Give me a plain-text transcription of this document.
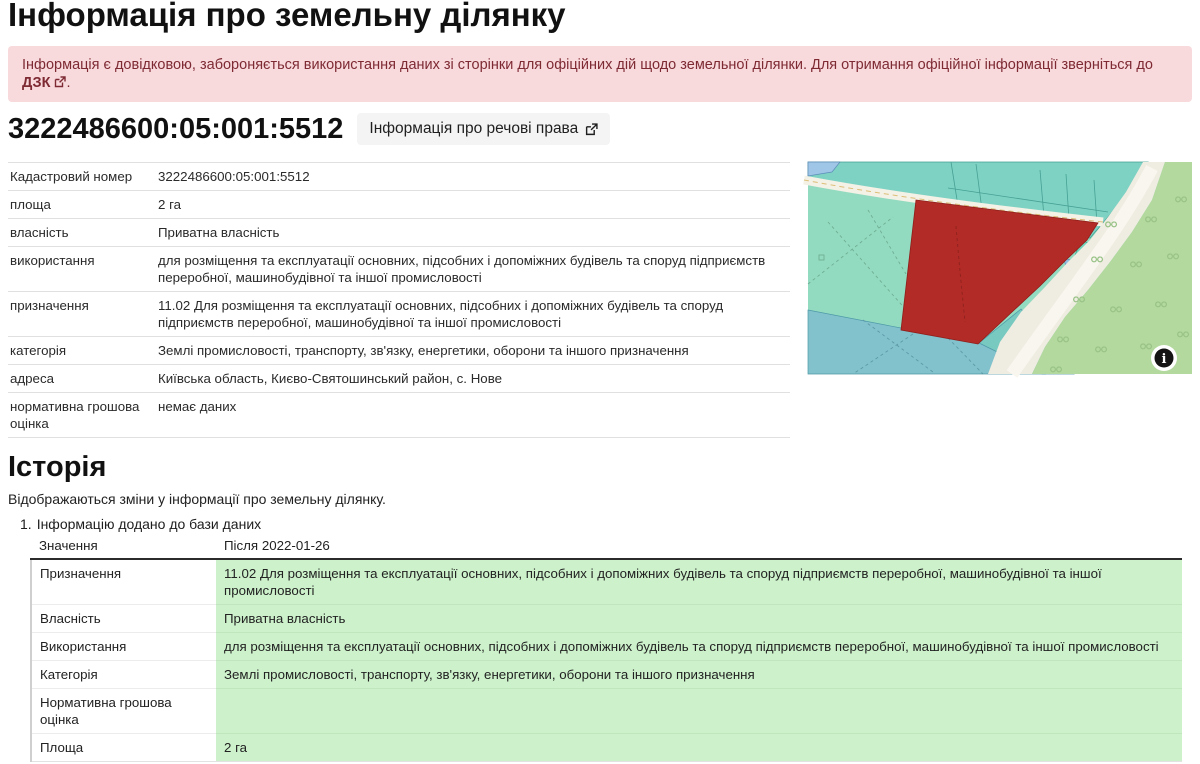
Інформація про земельну ділянку
Інформація є довідковою, забороняється використання даних зі сторінки для офіційних дій щодо земельної ділянки. Для отримання офіційної інформації зверніться до ДЗК .
3222486600:05:001:5512 Інформація про речові права
Кадастровий номер	3222486600:05:001:5512
площа	2 га
власність	Приватна власність
використання	для розміщення та експлуатації основних, підсобних і допоміжних будівель та споруд підприємств переробної, машинобудівної та іншої промисловості
призначення	11.02 Для розміщення та експлуатації основних, підсобних і допоміжних будівель та споруд підприємств переробної, машинобудівної та іншої промисловості
категорія	Землі промисловості, транспорту, зв'язку, енергетики, оборони та іншого призначення
адреса	Київська область, Києво-Святошинський район, с. Нове
нормативна грошова оцінка	немає даних
i
Історія

Відображаються зміни у інформації про земельну ділянку.

1. Інформацію додано до бази даних
Значення	Після 2022-01-26
Призначення	11.02 Для розміщення та експлуатації основних, підсобних і допоміжних будівель та споруд підприємств переробної, машинобудівної та іншої промисловості
Власність	Приватна власність
Використання	для розміщення та експлуатації основних, підсобних і допоміжних будівель та споруд підприємств переробної, машинобудівної та іншої промисловості
Категорія	Землі промисловості, транспорту, зв'язку, енергетики, оборони та іншого призначення
Нормативна грошова оцінка	
Площа	2 га
